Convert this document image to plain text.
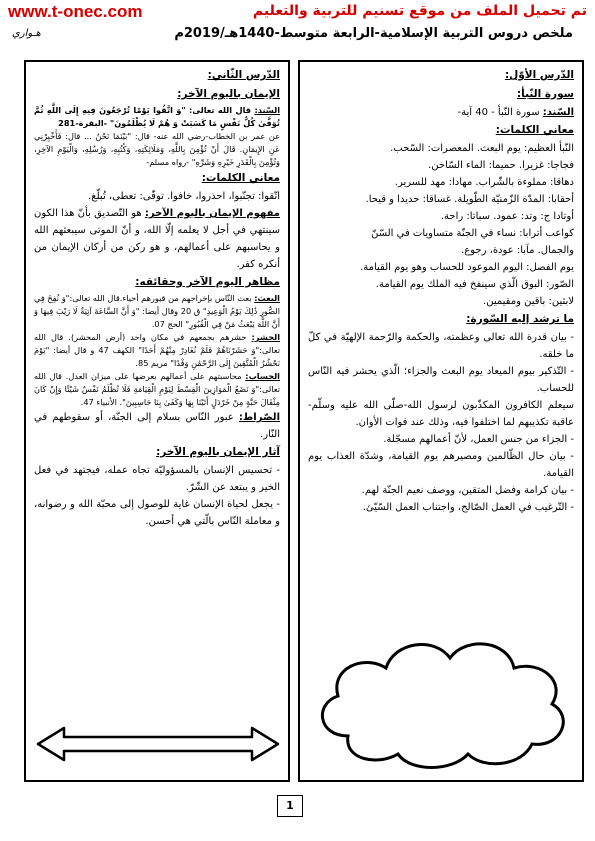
www.t-onec.com	تم تحميل الملف من موقع تسنيم للتربية والتعليم
هـواري	ملخص دروس التربية الإسلامية-الرابعة متوسط-1440هـ/2019م

الدّرس الأوّل:

سورة النّبأ:

السّند: سورة النّبأ - 40 آية-

معاني الكلمات:

النّبأ العظيم: يوم البعث. المعصرات: السّحب.

فجاجا: غزيرا. حميما: الماء السّاخن.

دهاقا: مملوءة بالشّراب. مهادا: مهد للسرير.

أحقابا: المدّة الزّمنيّة الطّويلة. غساقا: حديدا و قيحا.

أوتادا ج: وتد: عمود. سباتا: راحة.

كواعب أترابا: نساء في الجنّة متساويات في السّنّ

والجمال. مآبا: عودة، رجوع.

يوم الفصل: اليوم الموعود للحساب وهو يوم القيامة.

الصّور: البوق الّذي سينفخ فيه الملك يوم القيامة.

لابثين: باقين ومقيمين.

ما ترشد إليه السّورة:

- بيان قدرة الله تعالى وعظمته، والحكمة والرّحمة الإلهيّة في كلّ ما خلقه.

- التّذكير بيوم الميعاد يوم البعث والجزاء؛ الّذي يحشر فيه النّاس للحساب.

سيعلم الكافرون المكذّبون لرسول الله-صلّى الله عليه وسلّم-عاقبة تكذيبهم لما اختلفوا فيه، وذلك عند فوات الأوان.

- الجزاء من جنس العمل، لأنّ أعمالهم مسجّلة.

- بيان حال الظّالمين ومصيرهم يوم القيامة، وشدّة العذاب يوم القيامة.

- بيان كرامة وفضل المتقين، ووصف نعيم الجنّة لهم.

- التّرغيب في العمل الصّالح، واجتناب العمل السّيّئ.

الدّرس الثّاني:

الإيمان باليوم الآخر:

السّند: قال الله تعالى: "وَ اتَّقُوا يَوْمًا تُرْجَعُونَ فِيهِ إِلَى اللَّهِ ثُمَّ تُوَفَّىٰ كُلُّ نَفْسٍ مَا كَسَبَتْ وَ هُمْ لَا يُظْلَمُونَ" -البقرة-281

عن عمر بن الخطاب-رضي الله عنه- قال: "بَيْنَمَا نَحْنُ ... قال: فَأَخْبِرْنِي عَنِ الإِيمَانِ. قَالَ أَنْ تُؤْمِنَ بِاللَّهِ، وَمَلَائِكَتِهِ، وَكُتُبِهِ، وَرُسُلِهِ، وَالْيَوْمِ الآخِرِ، وَتُؤْمِنَ بِالْقَدَرِ خَيْرِهِ وَشَرِّهِ" -رواه مسلم-

معاني الكلمات:

اتّقوا: تجنّبوا، احذروا، خافوا. توفّى: تعطى، تُبلّغ.

مفهوم الإيمان باليوم الآخر: هو التّصديق بأنّ هذا الكون سينتهي في أجل لا يعلمه إلّا الله، و أنّ الموتى سيبعثهم الله و يحاسبهم على أعمالهم، و هو ركن من أركان الإيمان من أنكره كفر.

مظاهر اليوم الآخر وحقائقه:

البعث: بعث النّاس بإخراجهم من قبورهم أحياء.قال الله تعالى:"وَ نُفِخَ فِي الصُّورِ ذَٰلِكَ يَوْمُ الْوَعِيدِ" ق 20 وقال أيضا: "وَ أَنَّ السَّاعَةَ آتِيَةٌ لَا رَيْبَ فِيهَا وَ أَنَّ اللَّهَ يَبْعَثُ مَنْ فِي الْقُبُورِ" الحج 07.

الحشر: حشرهم بجمعهم في مكان واحد (أرض المحشر). قال الله تعالى:"وَ حَشَرْنَاهُمْ فَلَمْ نُغَادِرْ مِنْهُمْ أَحَدًا" الكهف 47 و قال أيضا: "يَوْمَ نَحْشُرُ الْمُتَّقِينَ إِلَى الرَّحْمَٰنِ وَفْدًا" مريم 85.

الحساب: محاسبتهم على أعمالهم بعرضها على ميزان العدل. قال الله تعالى:"وَ نَضَعُ الْمَوَازِينَ الْقِسْطَ لِيَوْمِ الْقِيَامَةِ فَلَا تُظْلَمُ نَفْسٌ شَيْئًا وَإِنْ كَانَ مِثْقَالَ حَبَّةٍ مِنْ خَرْدَلٍ أَتَيْنَا بِهَا وَكَفَىٰ بِنَا حَاسِبِينَ". الأنبياء 47.

الصّراط: عبور النّاس بسلام إلى الجنّة، أو سقوطهم في النّار.

آثار الإيمان باليوم الآخر:

- تحسيس الإنسان بالمسؤوليّة تجاه عمله، فيجتهد في فعل الخير و يبتعد عن الشّرّ.

- يجعل لحياة الإنسان غاية للوصول إلى محبّة الله و رضوانه، و معاملة النّاس بالّتي هي أحسن.

1
